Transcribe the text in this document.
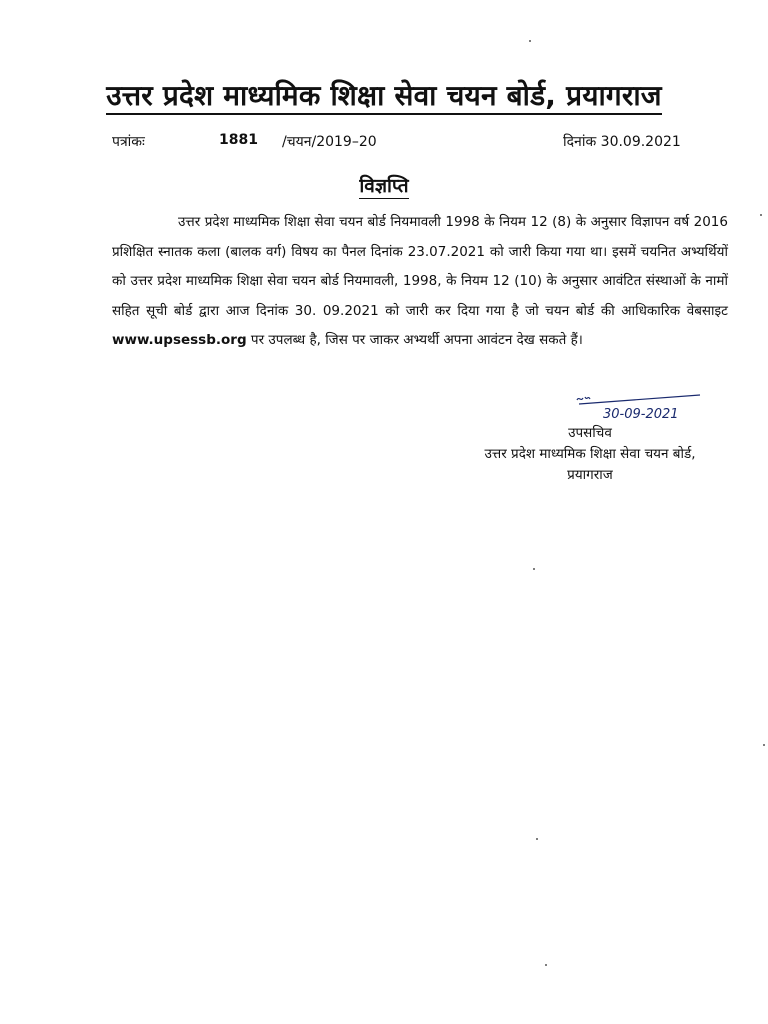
उत्तर प्रदेश माध्यमिक शिक्षा सेवा चयन बोर्ड, प्रयागराज
पत्रांकः	1881 /चयन/2019–20	दिनांक 30.09.2021
विज्ञप्ति

उत्तर प्रदेश माध्यमिक शिक्षा सेवा चयन बोर्ड नियमावली 1998 के नियम 12 (8) के अनुसार विज्ञापन वर्ष 2016 प्रशिक्षित स्नातक कला (बालक वर्ग) विषय का पैनल दिनांक 23.07.2021 को जारी किया गया था। इसमें चयनित अभ्यर्थियों को उत्तर प्रदेश माध्यमिक शिक्षा सेवा चयन बोर्ड नियमावली, 1998, के नियम 12 (10) के अनुसार आवंटित संस्थाओं के नामों सहित सूची बोर्ड द्वारा आज दिनांक 30. 09.2021 को जारी कर दिया गया है जो चयन बोर्ड की आधिकारिक वेबसाइट www.upsessb.org पर उपलब्ध है, जिस पर जाकर अभ्यर्थी अपना आवंटन देख सकते हैं।

30-09-2021
उपसचिव
उत्तर प्रदेश माध्यमिक शिक्षा सेवा चयन बोर्ड,
प्रयागराज
